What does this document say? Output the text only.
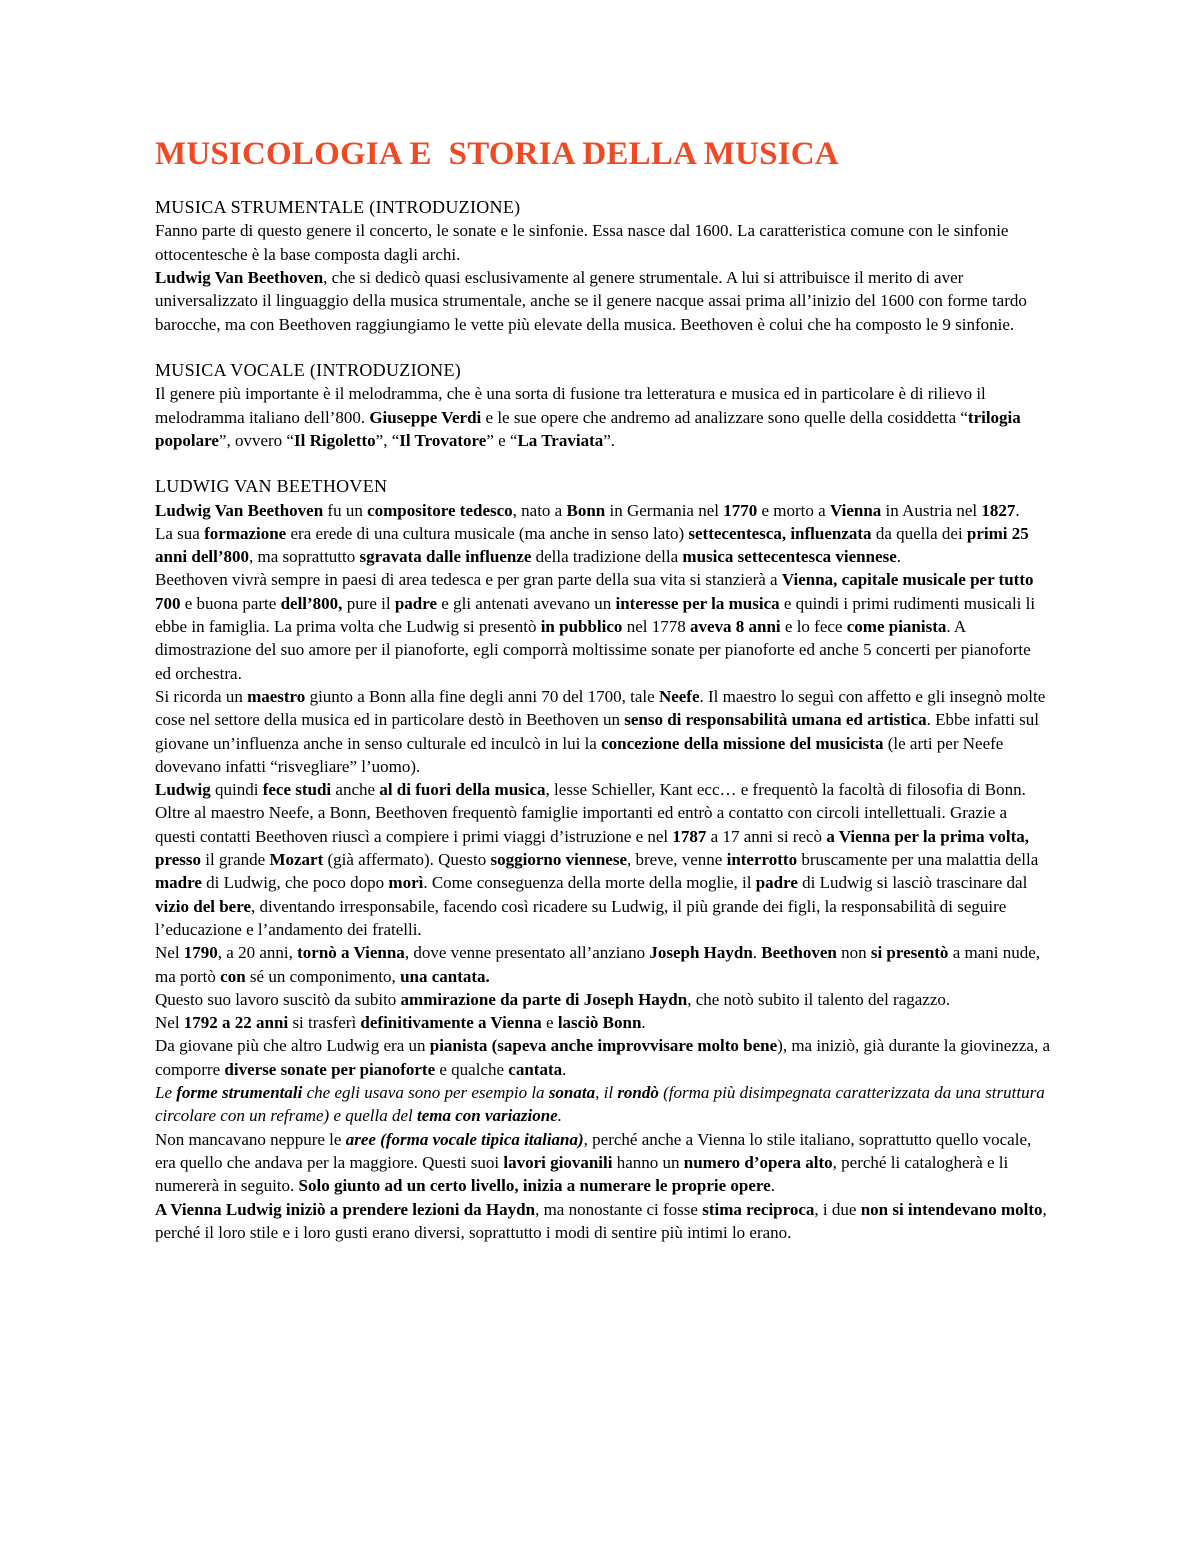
MUSICOLOGIA E  STORIA DELLA MUSICA
MUSICA STRUMENTALE (INTRODUZIONE)

Fanno parte di questo genere il concerto, le sonate e le sinfonie. Essa nasce dal 1600. La caratteristica comune con le sinfonie ottocentesche è la base composta dagli archi.

Ludwig Van Beethoven, che si dedicò quasi esclusivamente al genere strumentale. A lui si attribuisce il merito di aver universalizzato il linguaggio della musica strumentale, anche se il genere nacque assai prima all’inizio del 1600 con forme tardo barocche, ma con Beethoven raggiungiamo le vette più elevate della musica. Beethoven è colui che ha composto le 9 sinfonie.

MUSICA VOCALE (INTRODUZIONE)

Il genere più importante è il melodramma, che è una sorta di fusione tra letteratura e musica ed in particolare è di rilievo il melodramma italiano dell’800. Giuseppe Verdi e le sue opere che andremo ad analizzare sono quelle della cosiddetta “trilogia popolare”, ovvero “Il Rigoletto”, “Il Trovatore” e “La Traviata”.

LUDWIG VAN BEETHOVEN

Ludwig Van Beethoven fu un compositore tedesco, nato a Bonn in Germania nel 1770 e morto a Vienna in Austria nel 1827.

La sua formazione era erede di una cultura musicale (ma anche in senso lato) settecentesca, influenzata da quella dei primi 25 anni dell’800, ma soprattutto sgravata dalle influenze della tradizione della musica settecentesca viennese.

Beethoven vivrà sempre in paesi di area tedesca e per gran parte della sua vita si stanzierà a Vienna, capitale musicale per tutto 700 e buona parte dell’800, pure il padre e gli antenati avevano un interesse per la musica e quindi i primi rudimenti musicali li ebbe in famiglia. La prima volta che Ludwig si presentò in pubblico nel 1778 aveva 8 anni e lo fece come pianista. A dimostrazione del suo amore per il pianoforte, egli comporrà moltissime sonate per pianoforte ed anche 5 concerti per pianoforte ed orchestra.

Si ricorda un maestro giunto a Bonn alla fine degli anni 70 del 1700, tale Neefe. Il maestro lo seguì con affetto e gli insegnò molte cose nel settore della musica ed in particolare destò in Beethoven un senso di responsabilità umana ed artistica. Ebbe infatti sul giovane un’influenza anche in senso culturale ed inculcò in lui la concezione della missione del musicista (le arti per Neefe dovevano infatti “risvegliare” l’uomo).

Ludwig quindi fece studi anche al di fuori della musica, lesse Schieller, Kant ecc… e frequentò la facoltà di filosofia di Bonn.

Oltre al maestro Neefe, a Bonn, Beethoven frequentò famiglie importanti ed entrò a contatto con circoli intellettuali. Grazie a questi contatti Beethoven riuscì a compiere i primi viaggi d’istruzione e nel 1787 a 17 anni si recò a Vienna per la prima volta, presso il grande Mozart (già affermato). Questo soggiorno viennese, breve, venne interrotto bruscamente per una malattia della madre di Ludwig, che poco dopo morì. Come conseguenza della morte della moglie, il padre di Ludwig si lasciò trascinare dal vizio del bere, diventando irresponsabile, facendo così ricadere su Ludwig, il più grande dei figli, la responsabilità di seguire l’educazione e l’andamento dei fratelli.

Nel 1790, a 20 anni, tornò a Vienna, dove venne presentato all’anziano Joseph Haydn. Beethoven non si presentò a mani nude, ma portò con sé un componimento, una cantata.

Questo suo lavoro suscitò da subito ammirazione da parte di Joseph Haydn, che notò subito il talento del ragazzo.

Nel 1792 a 22 anni si trasferì definitivamente a Vienna e lasciò Bonn.

Da giovane più che altro Ludwig era un pianista (sapeva anche improvvisare molto bene), ma iniziò, già durante la giovinezza, a comporre diverse sonate per pianoforte e qualche cantata.

Le forme strumentali che egli usava sono per esempio la sonata, il rondò (forma più disimpegnata caratterizzata da una struttura circolare con un reframe) e quella del tema con variazione.

Non mancavano neppure le aree (forma vocale tipica italiana), perché anche a Vienna lo stile italiano, soprattutto quello vocale, era quello che andava per la maggiore. Questi suoi lavori giovanili hanno un numero d’opera alto, perché li catalogherà e li numererà in seguito. Solo giunto ad un certo livello, inizia a numerare le proprie opere.

A Vienna Ludwig iniziò a prendere lezioni da Haydn, ma nonostante ci fosse stima reciproca, i due non si intendevano molto, perché il loro stile e i loro gusti erano diversi, soprattutto i modi di sentire più intimi lo erano.
